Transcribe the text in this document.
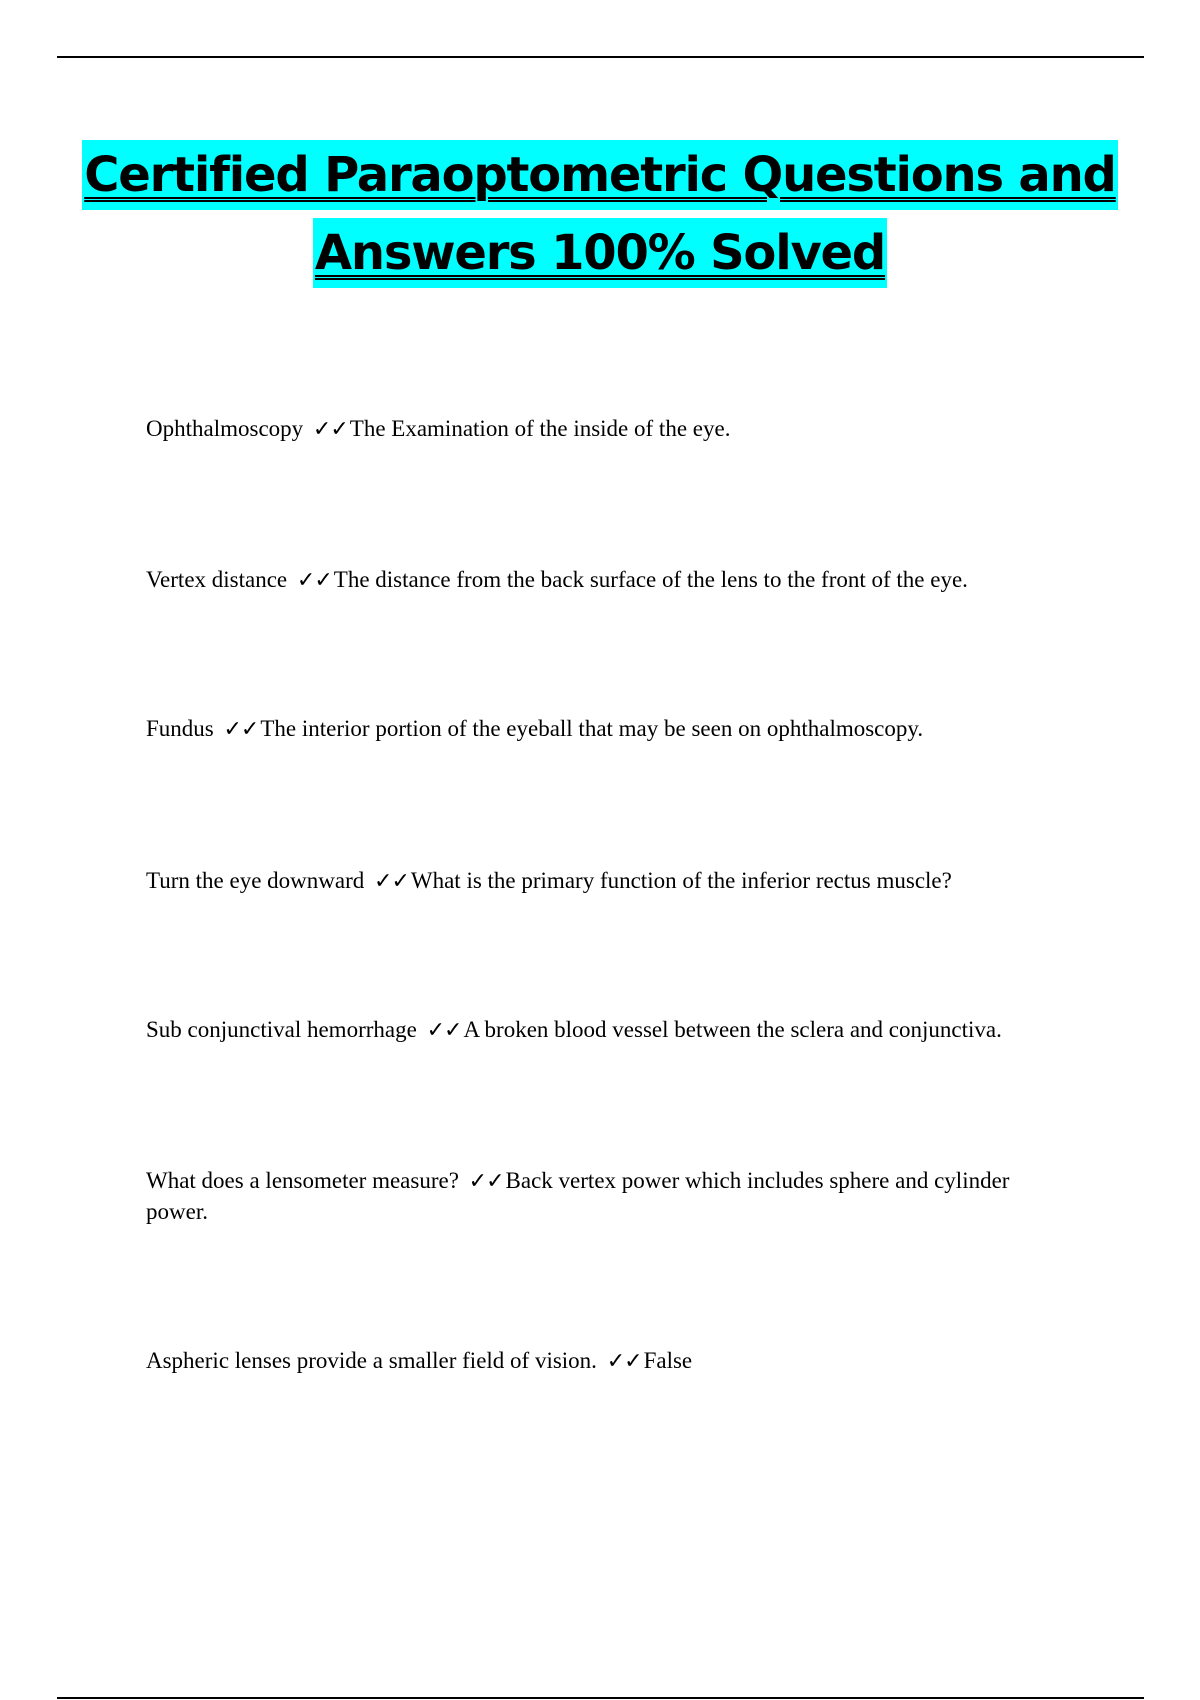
Certified Paraoptometric Questions and
Answers 100% Solved
Ophthalmoscopy ✓✓The Examination of the inside of the eye.
Vertex distance ✓✓The distance from the back surface of the lens to the front of the eye.
Fundus ✓✓The interior portion of the eyeball that may be seen on ophthalmoscopy.
Turn the eye downward ✓✓What is the primary function of the inferior rectus muscle?
Sub conjunctival hemorrhage ✓✓A broken blood vessel between the sclera and conjunctiva.
What does a lensometer measure? ✓✓Back vertex power which includes sphere and cylinder power.
Aspheric lenses provide a smaller field of vision. ✓✓False
